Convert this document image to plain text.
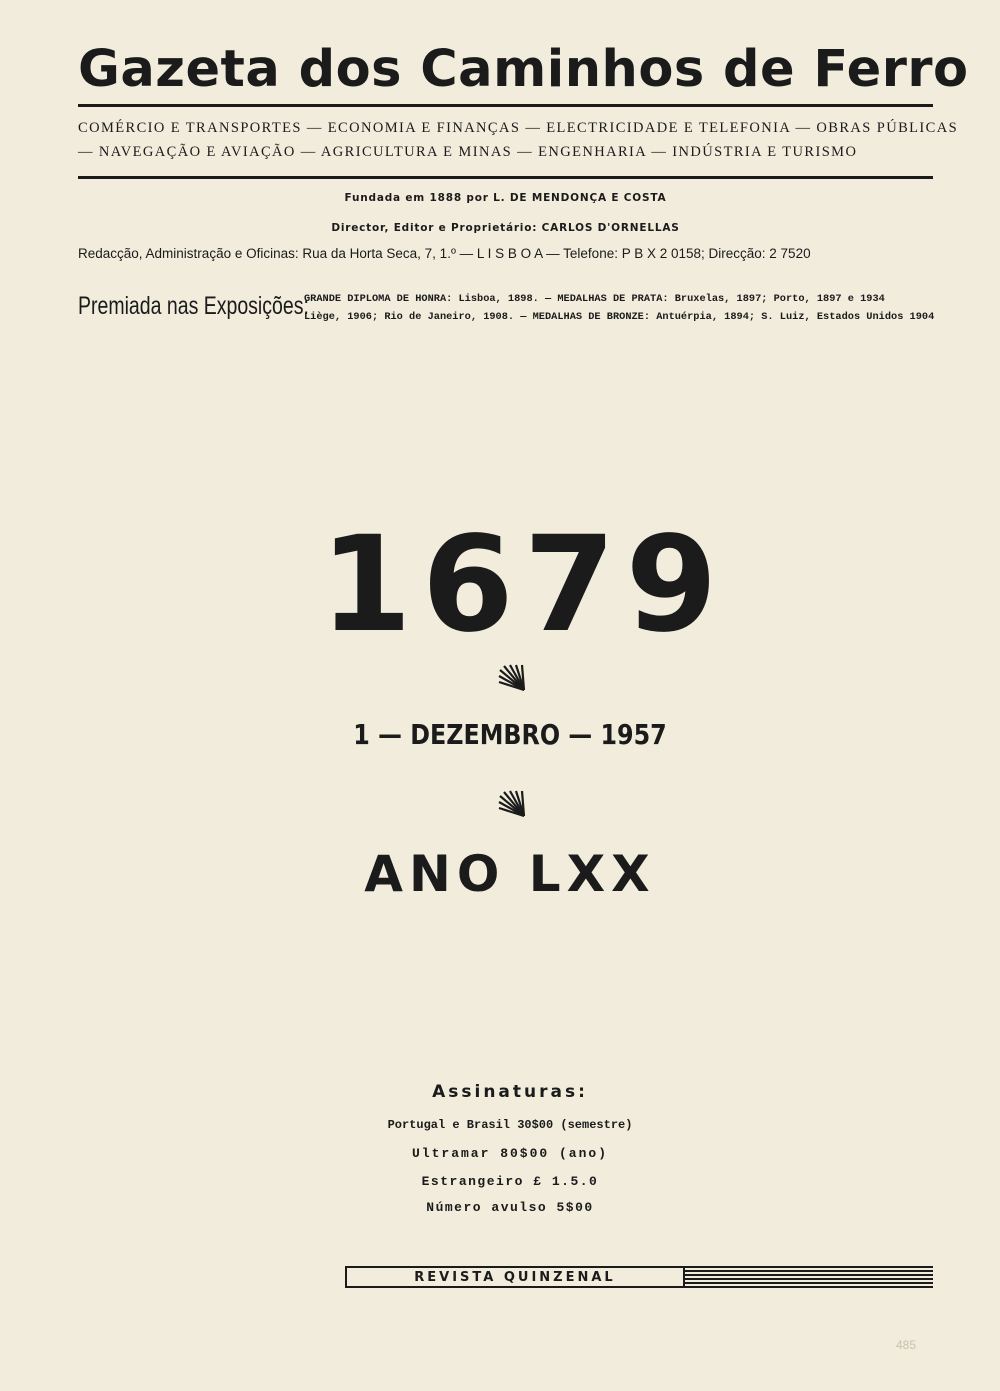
Gazeta dos Caminhos de Ferro
COMÉRCIO E TRANSPORTES — ECONOMIA E FINANÇAS — ELECTRICIDADE E TELEFONIA — OBRAS PÚBLICAS
— NAVEGAÇÃO E AVIAÇÃO — AGRICULTURA E MINAS — ENGENHARIA — INDÚSTRIA E TURISMO
Fundada em 1888 por L. DE MENDONÇA E COSTA
Director, Editor e Proprietário: CARLOS D'ORNELLAS
Redacção, Administração e Oficinas: Rua da Horta Seca, 7, 1.º — L I S B O A — Telefone: P B X 2 0158; Direcção: 2 7520
Premiada nas Exposições:
GRANDE DIPLOMA DE HONRA: Lisboa, 1898. — MEDALHAS DE PRATA: Bruxelas, 1897; Porto, 1897 e 1934
Liège, 1906; Rio de Janeiro, 1908. — MEDALHAS DE BRONZE: Antuérpia, 1894; S. Luiz, Estados Unidos 1904
1679
1 — DEZEMBRO — 1957
ANO LXX
Assinaturas:
Portugal e Brasil 30$00 (semestre)
Ultramar 80$00 (ano)
Estrangeiro £ 1.5.0
Número avulso 5$00
REVISTA QUINZENAL
485
